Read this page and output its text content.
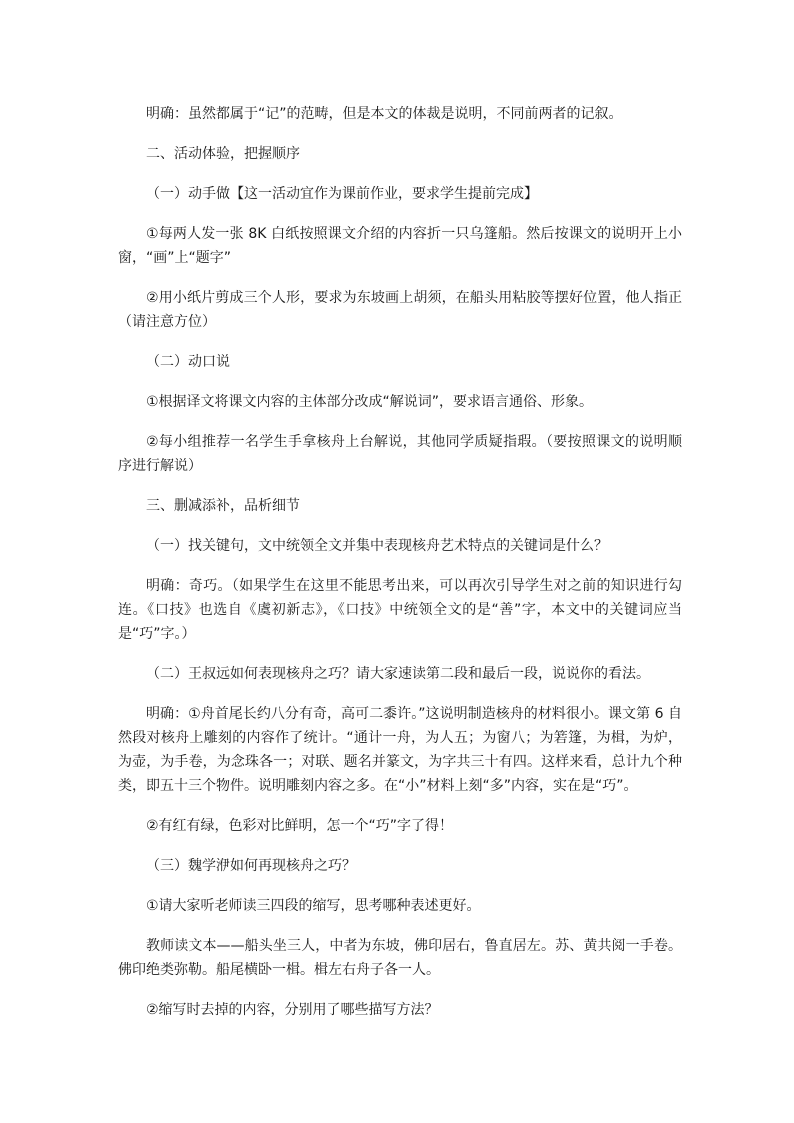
明确：虽然都属于“记”的范畴，但是本文的体裁是说明，不同前两者的记叙。

二、活动体验，把握顺序

（一）动手做【这一活动宜作为课前作业，要求学生提前完成】

①每两人发一张 8K 白纸按照课文介绍的内容折一只乌篷船。然后按课文的说明开上小窗，“画”上“题字”

②用小纸片剪成三个人形，要求为东坡画上胡须，在船头用粘胶等摆好位置，他人指正（请注意方位）

（二）动口说

①根据译文将课文内容的主体部分改成“解说词”，要求语言通俗、形象。

②每小组推荐一名学生手拿核舟上台解说，其他同学质疑指瑕。（要按照课文的说明顺序进行解说）

三、删减添补，品析细节

（一）找关键句，文中统领全文并集中表现核舟艺术特点的关键词是什么？

明确：奇巧。（如果学生在这里不能思考出来，可以再次引导学生对之前的知识进行勾连。《口技》也选自《虞初新志》，《口技》中统领全文的是“善”字，本文中的关键词应当是“巧”字。）

（二）王叔远如何表现核舟之巧？请大家速读第二段和最后一段，说说你的看法。

明确：①舟首尾长约八分有奇，高可二黍许。”这说明制造核舟的材料很小。课文第 6 自然段对核舟上雕刻的内容作了统计。“通计一舟，为人五；为窗八；为箬篷，为楫，为炉，为壶，为手卷，为念珠各一；对联、题名并篆文，为字共三十有四。这样来看，总计九个种类，即五十三个物件。说明雕刻内容之多。在“小”材料上刻“多”内容，实在是“巧”。

②有红有绿，色彩对比鲜明，怎一个“巧”字了得！

（三）魏学洢如何再现核舟之巧？

①请大家听老师读三四段的缩写，思考哪种表述更好。

教师读文本——船头坐三人，中者为东坡，佛印居右，鲁直居左。苏、黄共阅一手卷。佛印绝类弥勒。船尾横卧一楫。楫左右舟子各一人。

②缩写时去掉的内容，分别用了哪些描写方法？
